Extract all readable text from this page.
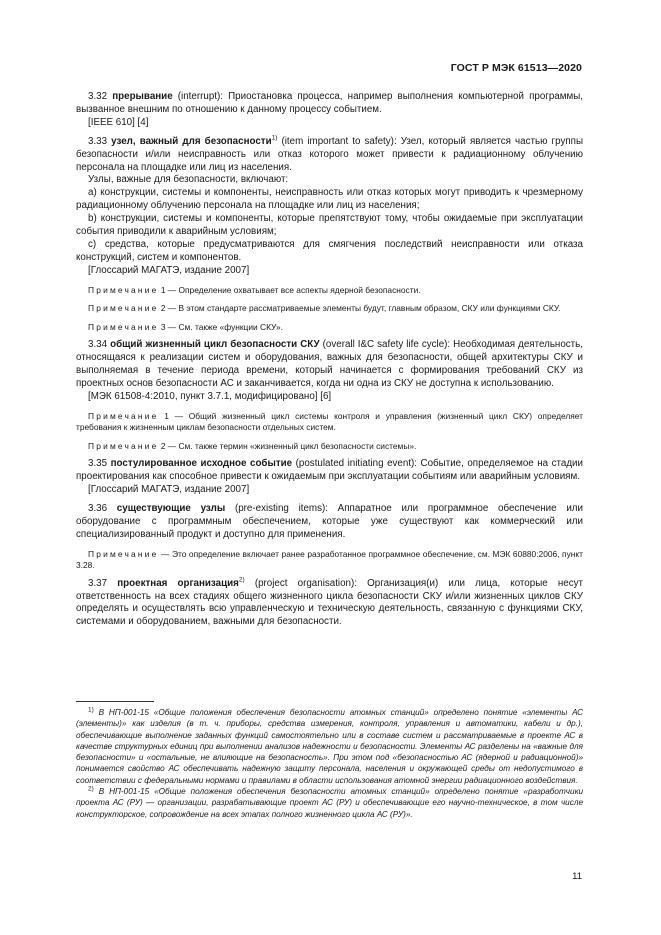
ГОСТ Р МЭК 61513—2020

3.32 прерывание (interrupt): Приостановка процесса, например выполнения компьютерной программы, вызванное внешним по отношению к данному процессу событием.

[IEEE 610] [4]

3.33 узел, важный для безопасности$^{1)}$ (item important to safety): Узел, который является частью группы безопасности и/или неисправность или отказ которого может привести к радиационному облучению персонала на площадке или лиц из населения.

Узлы, важные для безопасности, включают:

а) конструкции, системы и компоненты, неисправность или отказ которых могут приводить к чрезмерному радиационному облучению персонала на площадке или лиц из населения;

b) конструкции, системы и компоненты, которые препятствуют тому, чтобы ожидаемые при эксплуатации события приводили к аварийным условиям;

с) средства, которые предусматриваются для смягчения последствий неисправности или отказа конструкций, систем и компонентов.

[Глоссарий МАГАТЭ, издание 2007]

Примечание 1 — Определение охватывает все аспекты ядерной безопасности.

Примечание 2 — В этом стандарте рассматриваемые элементы будут, главным образом, СКУ или функциями СКУ.

Примечание 3 — См. также «функции СКУ».

3.34 общий жизненный цикл безопасности СКУ (overall I&C safety life cycle): Необходимая деятельность, относящаяся к реализации систем и оборудования, важных для безопасности, общей архитектуры СКУ и выполняемая в течение периода времени, который начинается с формирования требований СКУ из проектных основ безопасности АС и заканчивается, когда ни одна из СКУ не доступна к использованию.

[МЭК 61508-4:2010, пункт 3.7.1, модифицировано] [6]

Примечание 1 — Общий жизненный цикл системы контроля и управления (жизненный цикл СКУ) определяет требования к жизненным циклам безопасности отдельных систем.

Примечание 2 — См. также термин «жизненный цикл безопасности системы».

3.35 постулированное исходное событие (postulated initiating event): Событие, определяемое на стадии проектирования как способное привести к ожидаемым при эксплуатации событиям или аварийным условиям.

[Глоссарий МАГАТЭ, издание 2007]

3.36 существующие узлы (pre-existing items): Аппаратное или программное обеспечение или оборудование с программным обеспечением, которые уже существуют как коммерческий или специализированный продукт и доступно для применения.

Примечание — Это определение включает ранее разработанное программное обеспечение, см. МЭК 60880:2006, пункт 3.28.

3.37 проектная организация$^{2)}$ (project organisation): Организация(и) или лица, которые несут ответственность на всех стадиях общего жизненного цикла безопасности СКУ и/или жизненных циклов СКУ определять и осуществлять всю управленческую и техническую деятельность, связанную с функциями СКУ, системами и оборудованием, важными для безопасности.

$^{1)}$ В НП-001-15 «Общие положения обеспечения безопасности атомных станций» определено понятие «элементы АС (элементы)» как изделия (в т. ч. приборы, средства измерения, контроля, управления и автоматики, кабели и др.), обеспечивающие выполнение заданных функций самостоятельно или в составе систем и рассматриваемые в проекте АС в качестве структурных единиц при выполнении анализов надежности и безопасности. Элементы АС разделены на «важные для безопасности» и «остальные, не влияющие на безопасность». При этом под «безопасностью АС (ядерной и радиационной)» понимается свойство АС обеспечивать надежную защиту персонала, населения и окружающей среды от недопустимого в соответствии с федеральными нормами и правилами в области использования атомной энергии радиационного воздействия.

$^{2)}$ В НП-001-15 «Общие положения обеспечения безопасности атомных станций» определено понятие «разработчики проекта АС (РУ) — организации, разрабатывающие проект АС (РУ) и обеспечивающие его научно-техническое, в том числе конструкторское, сопровождение на всех этапах полного жизненного цикла АС (РУ)».

11
